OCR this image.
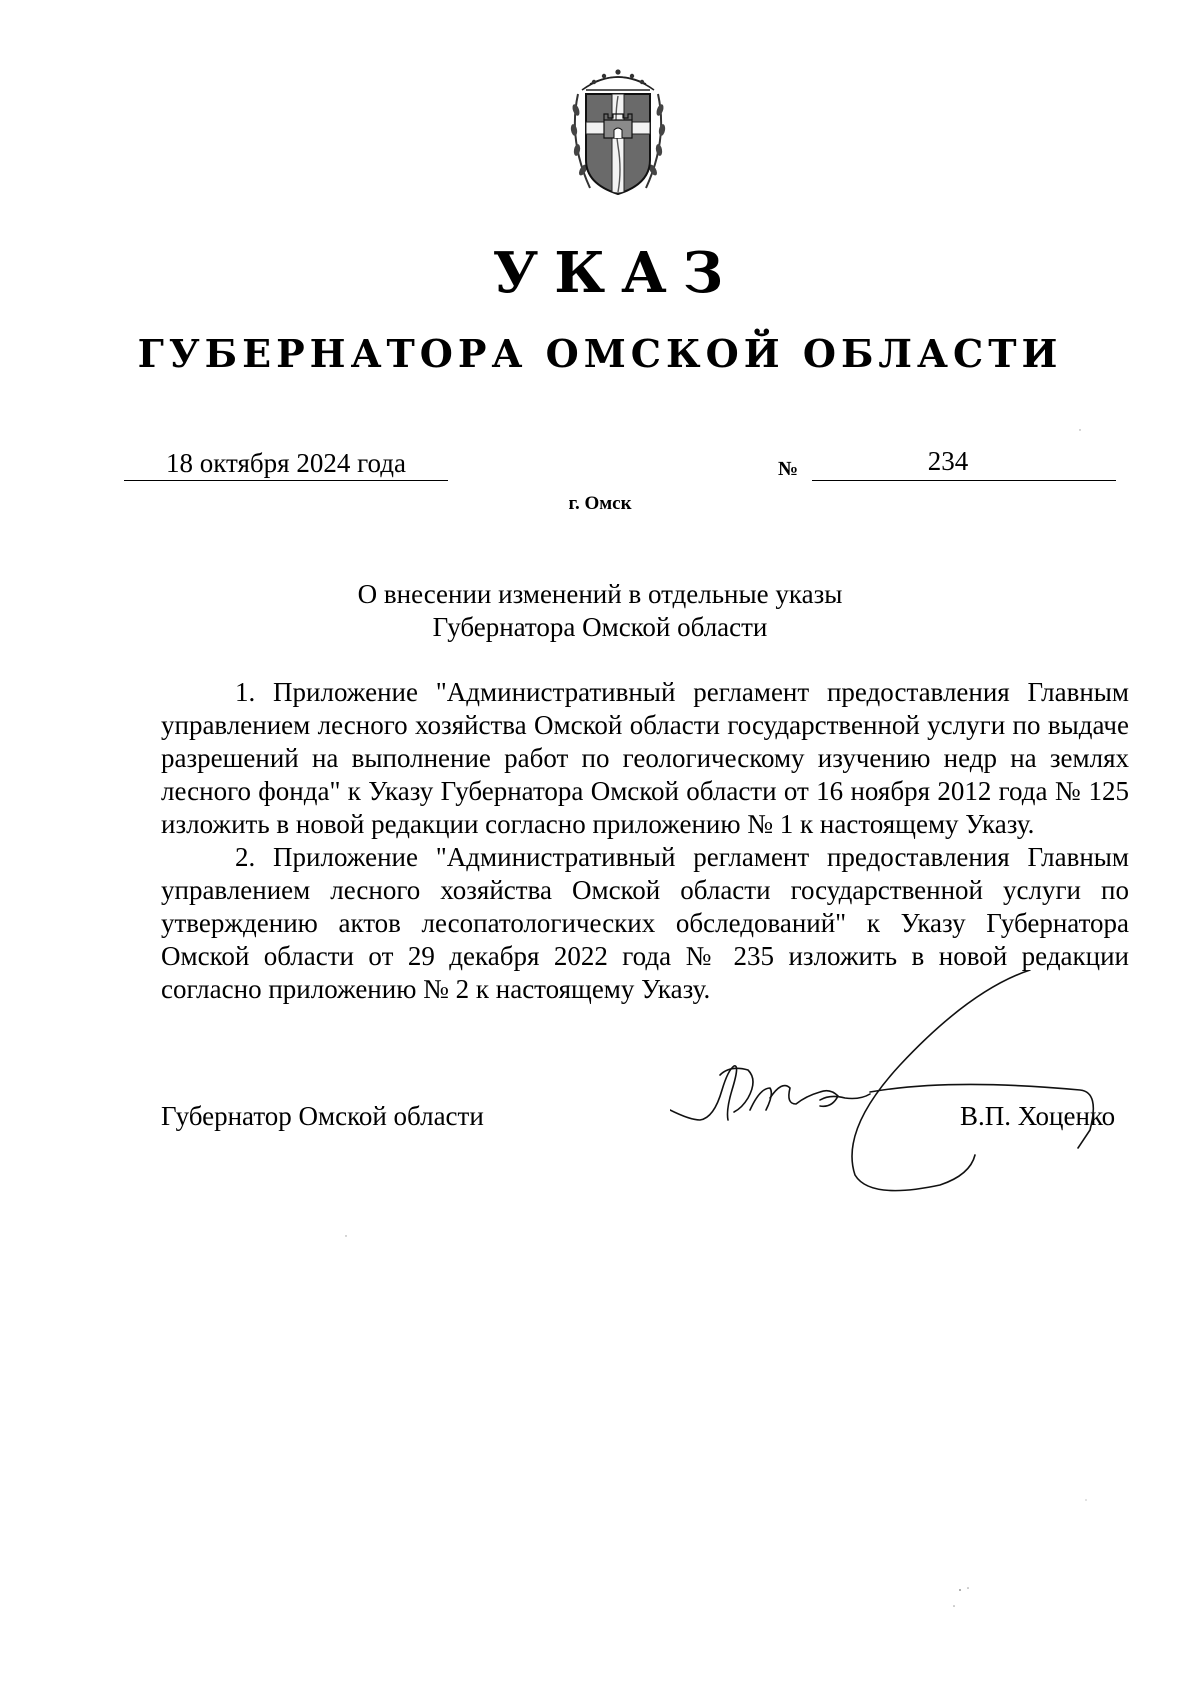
УКАЗ
ГУБЕРНАТОРА ОМСКОЙ ОБЛАСТИ
18 октября 2024 года	№	234
г. Омск
О внесении изменений в отдельные указы
Губернатора Омской области

1. Приложение "Административный регламент предоставления Главным управлением лесного хозяйства Омской области государственной услуги по выдаче разрешений на выполнение работ по геологическому изучению недр на землях лесного фонда" к Указу Губернатора Омской области от 16 ноября 2012 года № 125 изложить в новой редакции согласно приложению № 1 к настоящему Указу.

2. Приложение "Административный регламент предоставления Главным управлением лесного хозяйства Омской области государственной услуги по утверждению актов лесопатологических обследований" к Указу Губернатора Омской области от 29 декабря 2022 года № 235 изложить в новой редакции согласно приложению № 2 к настоящему Указу.

Губернатор Омской области	В.П. Хоценко
